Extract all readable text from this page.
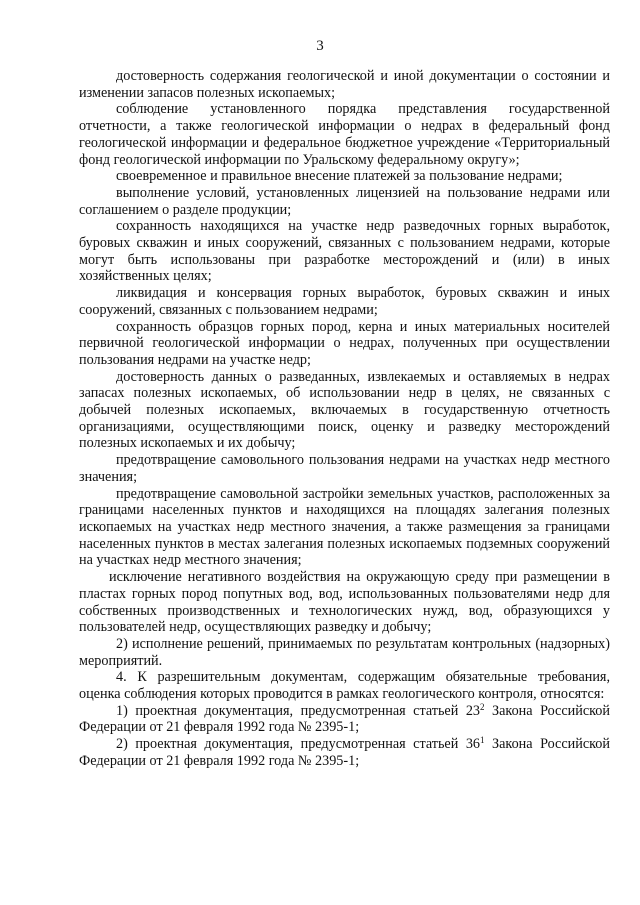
3

достоверность содержания геологической и иной документации о состоянии и изменении запасов полезных ископаемых;

соблюдение установленного порядка представления государственной отчетности, а также геологической информации о недрах в федеральный фонд геологической информации и федеральное бюджетное учреждение «Территориальный фонд геологической информации по Уральскому федеральному округу»;

своевременное и правильное внесение платежей за пользование недрами;

выполнение условий, установленных лицензией на пользование недрами или соглашением о разделе продукции;

сохранность находящихся на участке недр разведочных горных выработок, буровых скважин и иных сооружений, связанных с пользованием недрами, которые могут быть использованы при разработке месторождений и (или) в иных хозяйственных целях;

ликвидация и консервация горных выработок, буровых скважин и иных сооружений, связанных с пользованием недрами;

сохранность образцов горных пород, керна и иных материальных носителей первичной геологической информации о недрах, полученных при осуществлении пользования недрами на участке недр;

достоверность данных о разведанных, извлекаемых и оставляемых в недрах запасах полезных ископаемых, об использовании недр в целях, не связанных с добычей полезных ископаемых, включаемых в государственную отчетность организациями, осуществляющими поиск, оценку и разведку месторождений полезных ископаемых и их добычу;

предотвращение самовольного пользования недрами на участках недр местного значения;

предотвращение самовольной застройки земельных участков, расположенных за границами населенных пунктов и находящихся на площадях залегания полезных ископаемых на участках недр местного значения, а также размещения за границами населенных пунктов в местах залегания полезных ископаемых подземных сооружений на участках недр местного значения;

исключение негативного воздействия на окружающую среду при размещении в пластах горных пород попутных вод, вод, использованных пользователями недр для собственных производственных и технологических нужд, вод, образующихся у пользователей недр, осуществляющих разведку и добычу;

2) исполнение решений, принимаемых по результатам контрольных (надзорных) мероприятий.

4. К разрешительным документам, содержащим обязательные требования, оценка соблюдения которых проводится в рамках геологического контроля, относятся:

1) проектная документация, предусмотренная статьей $23^2$ Закона Российской Федерации от 21 февраля 1992 года № 2395-1;

2) проектная документация, предусмотренная статьей $36^1$ Закона Российской Федерации от 21 февраля 1992 года № 2395-1;
